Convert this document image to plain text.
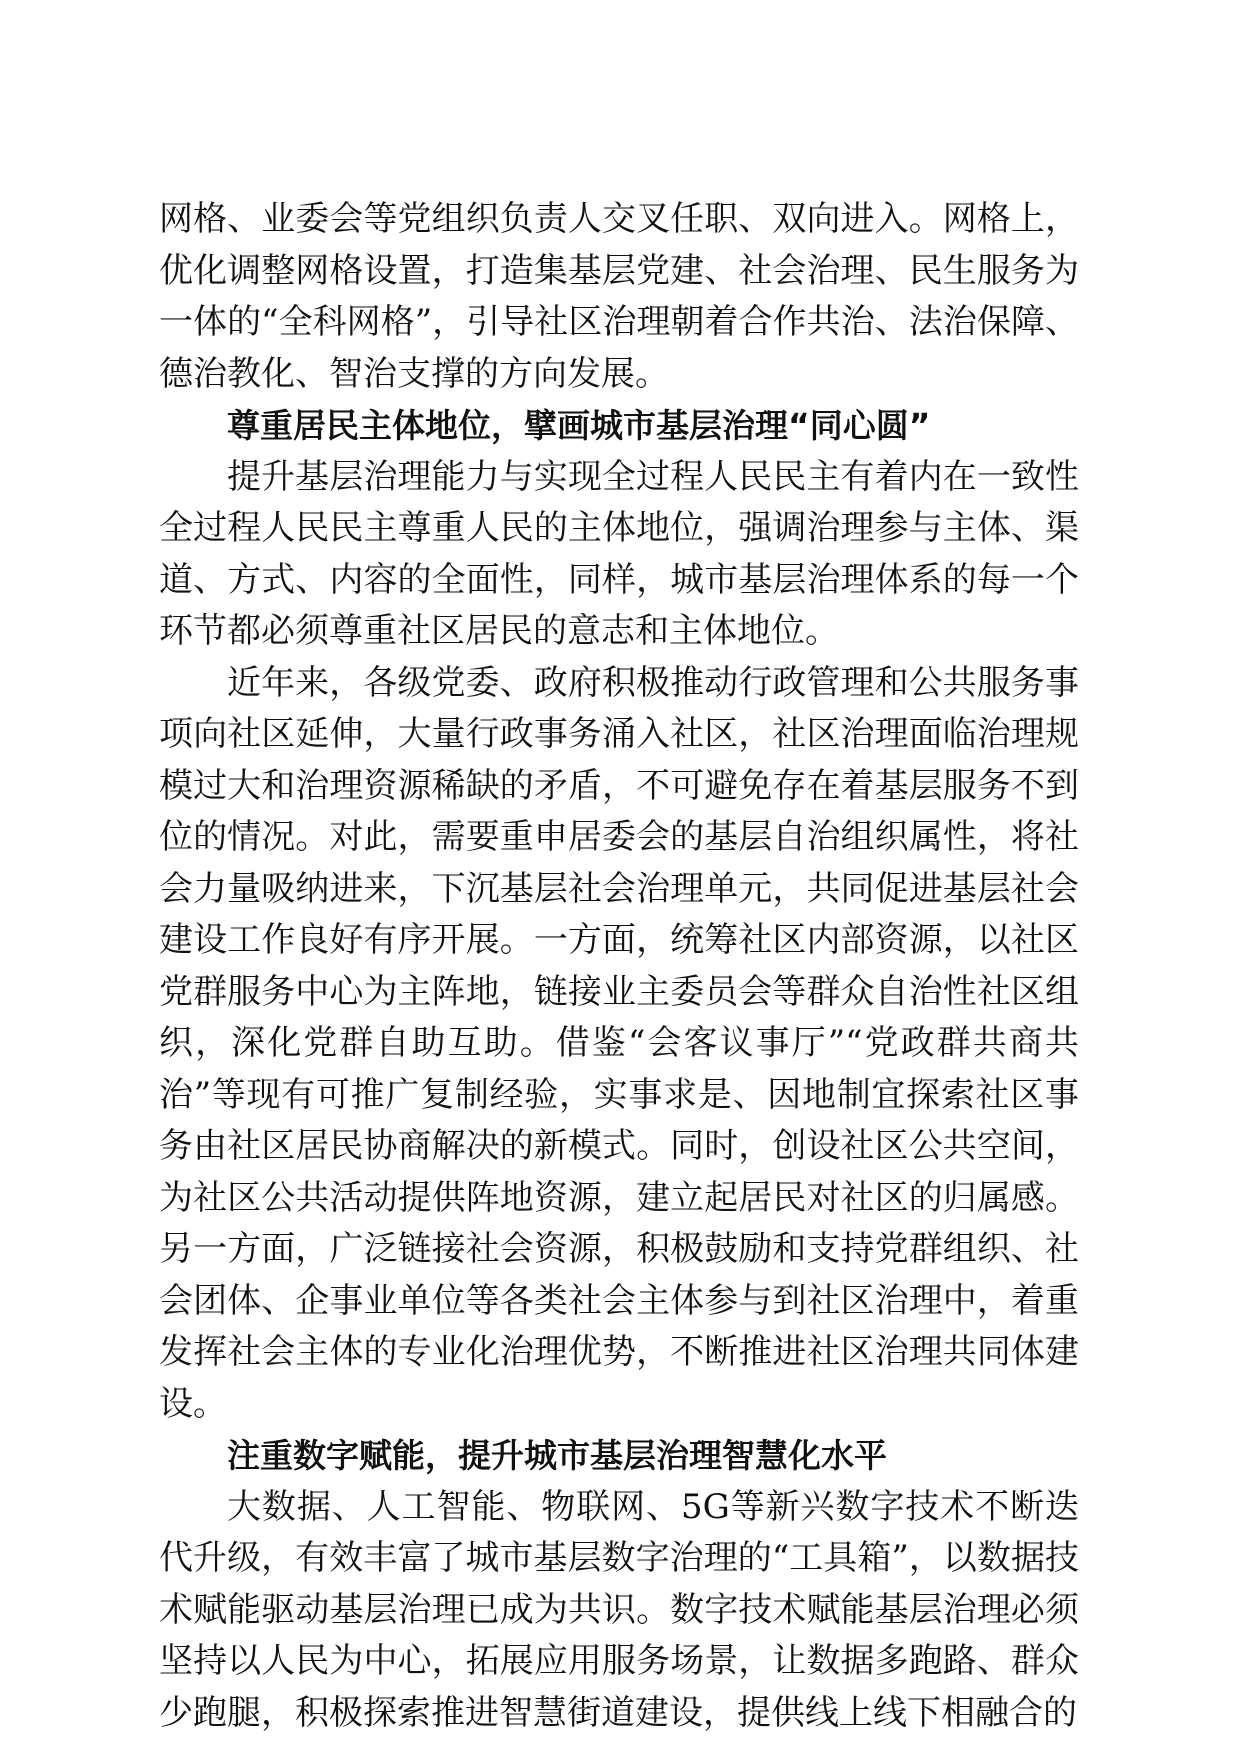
网格、业委会等党组织负责人交叉任职、双向进入。网格上，优化调整网格设置，打造集基层党建、社会治理、民生服务为一体的“全科网格”，引导社区治理朝着合作共治、法治保障、德治教化、智治支撑的方向发展。

尊重居民主体地位，擘画城市基层治理“同心圆”

提升基层治理能力与实现全过程人民民主有着内在一致性全过程人民民主尊重人民的主体地位，强调治理参与主体、渠道、方式、内容的全面性，同样，城市基层治理体系的每一个环节都必须尊重社区居民的意志和主体地位。

近年来，各级党委、政府积极推动行政管理和公共服务事项向社区延伸，大量行政事务涌入社区，社区治理面临治理规模过大和治理资源稀缺的矛盾，不可避免存在着基层服务不到位的情况。对此，需要重申居委会的基层自治组织属性，将社会力量吸纳进来，下沉基层社会治理单元，共同促进基层社会建设工作良好有序开展。一方面，统筹社区内部资源，以社区党群服务中心为主阵地，链接业主委员会等群众自治性社区组织，深化党群自助互助。借鉴“会客议事厅”“党政群共商共治”等现有可推广复制经验，实事求是、因地制宜探索社区事务由社区居民协商解决的新模式。同时，创设社区公共空间，为社区公共活动提供阵地资源，建立起居民对社区的归属感。另一方面，广泛链接社会资源，积极鼓励和支持党群组织、社会团体、企事业单位等各类社会主体参与到社区治理中，着重发挥社会主体的专业化治理优势，不断推进社区治理共同体建设。

注重数字赋能，提升城市基层治理智慧化水平

大数据、人工智能、物联网、5G等新兴数字技术不断迭代升级，有效丰富了城市基层数字治理的“工具箱”，以数据技术赋能驱动基层治理已成为共识。数字技术赋能基层治理必须坚持以人民为中心，拓展应用服务场景，让数据多跑路、群众少跑腿，积极探索推进智慧街道建设，提供线上线下相融合的
